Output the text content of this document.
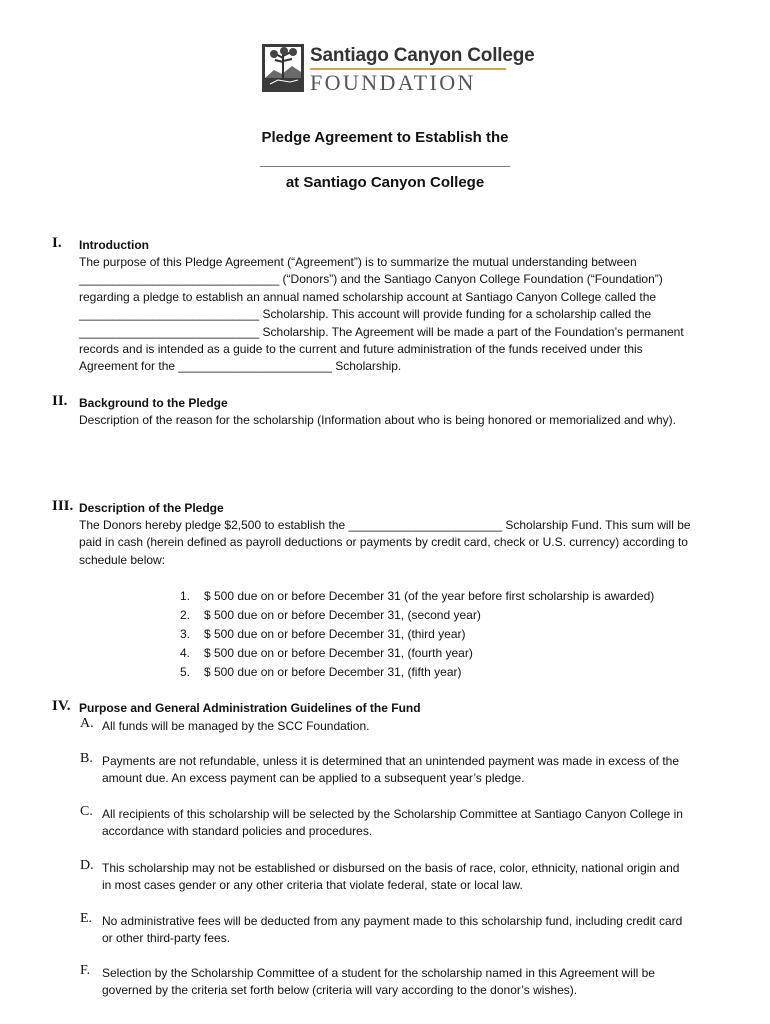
Santiago Canyon College
FOUNDATION
Pledge Agreement to Establish the
______________________________
at Santiago Canyon College
I. Introduction
The purpose of this Pledge Agreement (“Agreement”) is to summarize the mutual understanding between
______________________________ (“Donors”) and the Santiago Canyon College Foundation (“Foundation”)
regarding a pledge to establish an annual named scholarship account at Santiago Canyon College called the
___________________________ Scholarship. This account will provide funding for a scholarship called the
___________________________ Scholarship. The Agreement will be made a part of the Foundation’s permanent
records and is intended as a guide to the current and future administration of the funds received under this
Agreement for the _______________________ Scholarship.
II. Background to the Pledge
Description of the reason for the scholarship (Information about who is being honored or memorialized and why).
III. Description of the Pledge
The Donors hereby pledge $2,500 to establish the _______________________ Scholarship Fund. This sum will be
paid in cash (herein defined as payroll deductions or payments by credit card, check or U.S. currency) according to
schedule below:
1. $ 500 due on or before December 31 (of the year before first scholarship is awarded)
2. $ 500 due on or before December 31, (second year)
3. $ 500 due on or before December 31, (third year)
4. $ 500 due on or before December 31, (fourth year)
5. $ 500 due on or before December 31, (fifth year)
IV. Purpose and General Administration Guidelines of the Fund
A. All funds will be managed by the SCC Foundation.
B. Payments are not refundable, unless it is determined that an unintended payment was made in excess of the
amount due. An excess payment can be applied to a subsequent year’s pledge.
C. All recipients of this scholarship will be selected by the Scholarship Committee at Santiago Canyon College in
accordance with standard policies and procedures.
D. This scholarship may not be established or disbursed on the basis of race, color, ethnicity, national origin and
in most cases gender or any other criteria that violate federal, state or local law.
E. No administrative fees will be deducted from any payment made to this scholarship fund, including credit card
or other third-party fees.
F. Selection by the Scholarship Committee of a student for the scholarship named in this Agreement will be
governed by the criteria set forth below (criteria will vary according to the donor’s wishes).
